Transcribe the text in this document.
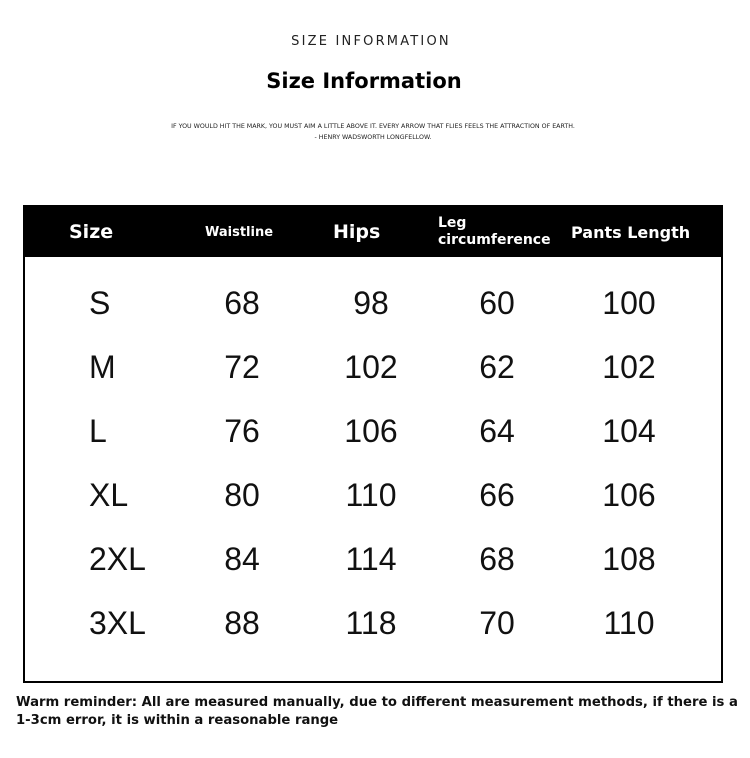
SIZE INFORMATION
Size Information
IF YOU WOULD HIT THE MARK, YOU MUST AIM A LITTLE ABOVE IT. EVERY ARROW THAT FLIES FEELS THE ATTRACTION OF EARTH.
- HENRY WADSWORTH LONGFELLOW.
Size	Waistline	Hips	Leg circumference	Pants Length
S	68	98	60	100
M	72	102	62	102
L	76	106	64	104
XL	80	110	66	106
2XL	84	114	68	108
3XL	88	118	70	110
Warm reminder: All are measured manually, due to different measurement methods, if there is a 1-3cm error, it is within a reasonable range
